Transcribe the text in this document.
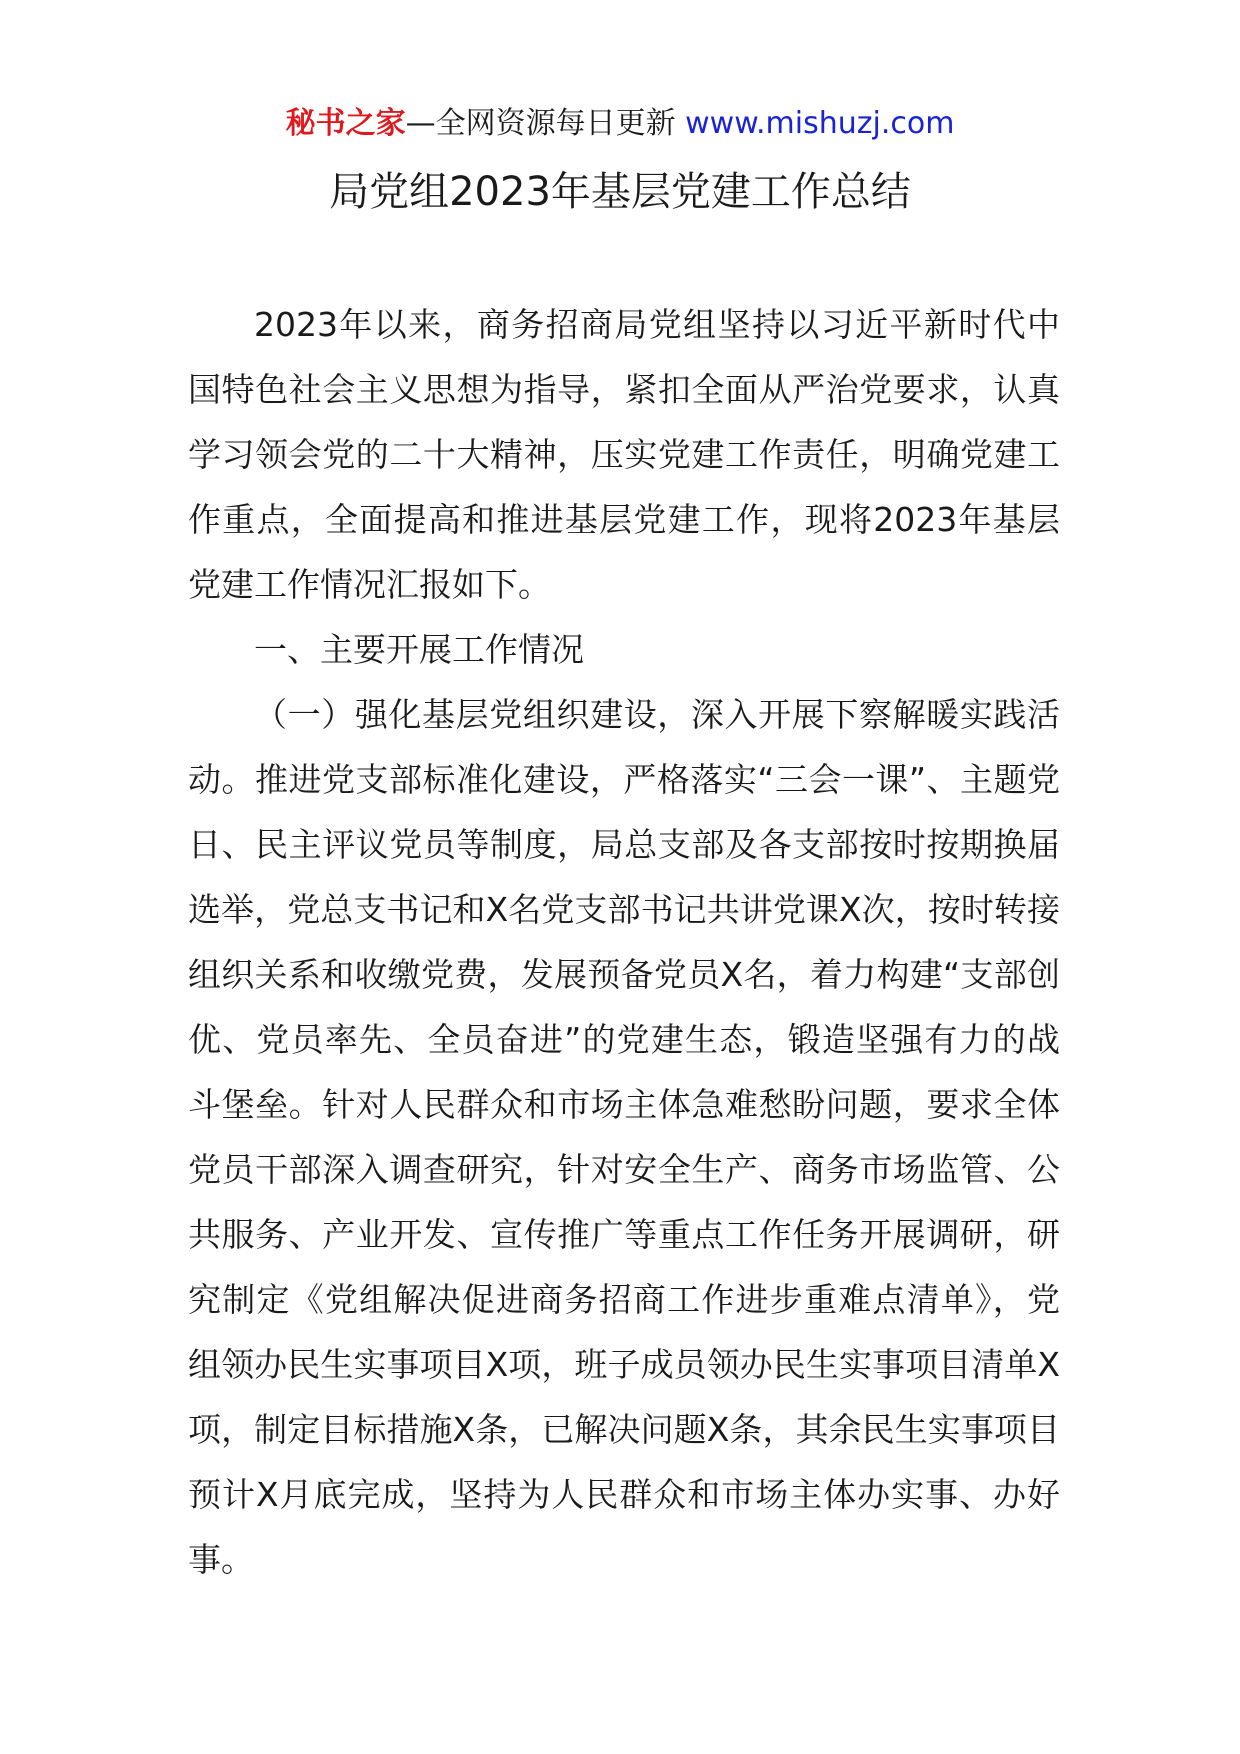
秘书之家—全网资源每日更新 www.mishuzj.com
局党组2023年基层党建工作总结

2023年以来，商务招商局党组坚持以习近平新时代中国特色社会主义思想为指导，紧扣全面从严治党要求，认真学习领会党的二十大精神，压实党建工作责任，明确党建工作重点，全面提高和推进基层党建工作，现将2023年基层党建工作情况汇报如下。

一、主要开展工作情况

（一）强化基层党组织建设，深入开展下察解暖实践活动。推进党支部标准化建设，严格落实“三会一课”、主题党日、民主评议党员等制度，局总支部及各支部按时按期换届选举，党总支书记和X名党支部书记共讲党课X次，按时转接组织关系和收缴党费，发展预备党员X名，着力构建“支部创优、党员率先、全员奋进”的党建生态，锻造坚强有力的战斗堡垒。针对人民群众和市场主体急难愁盼问题，要求全体党员干部深入调查研究，针对安全生产、商务市场监管、公共服务、产业开发、宣传推广等重点工作任务开展调研，研究制定《党组解决促进商务招商工作进步重难点清单》，党组领办民生实事项目X项，班子成员领办民生实事项目清单X项，制定目标措施X条，已解决问题X条，其余民生实事项目预计X月底完成，坚持为人民群众和市场主体办实事、办好事。
